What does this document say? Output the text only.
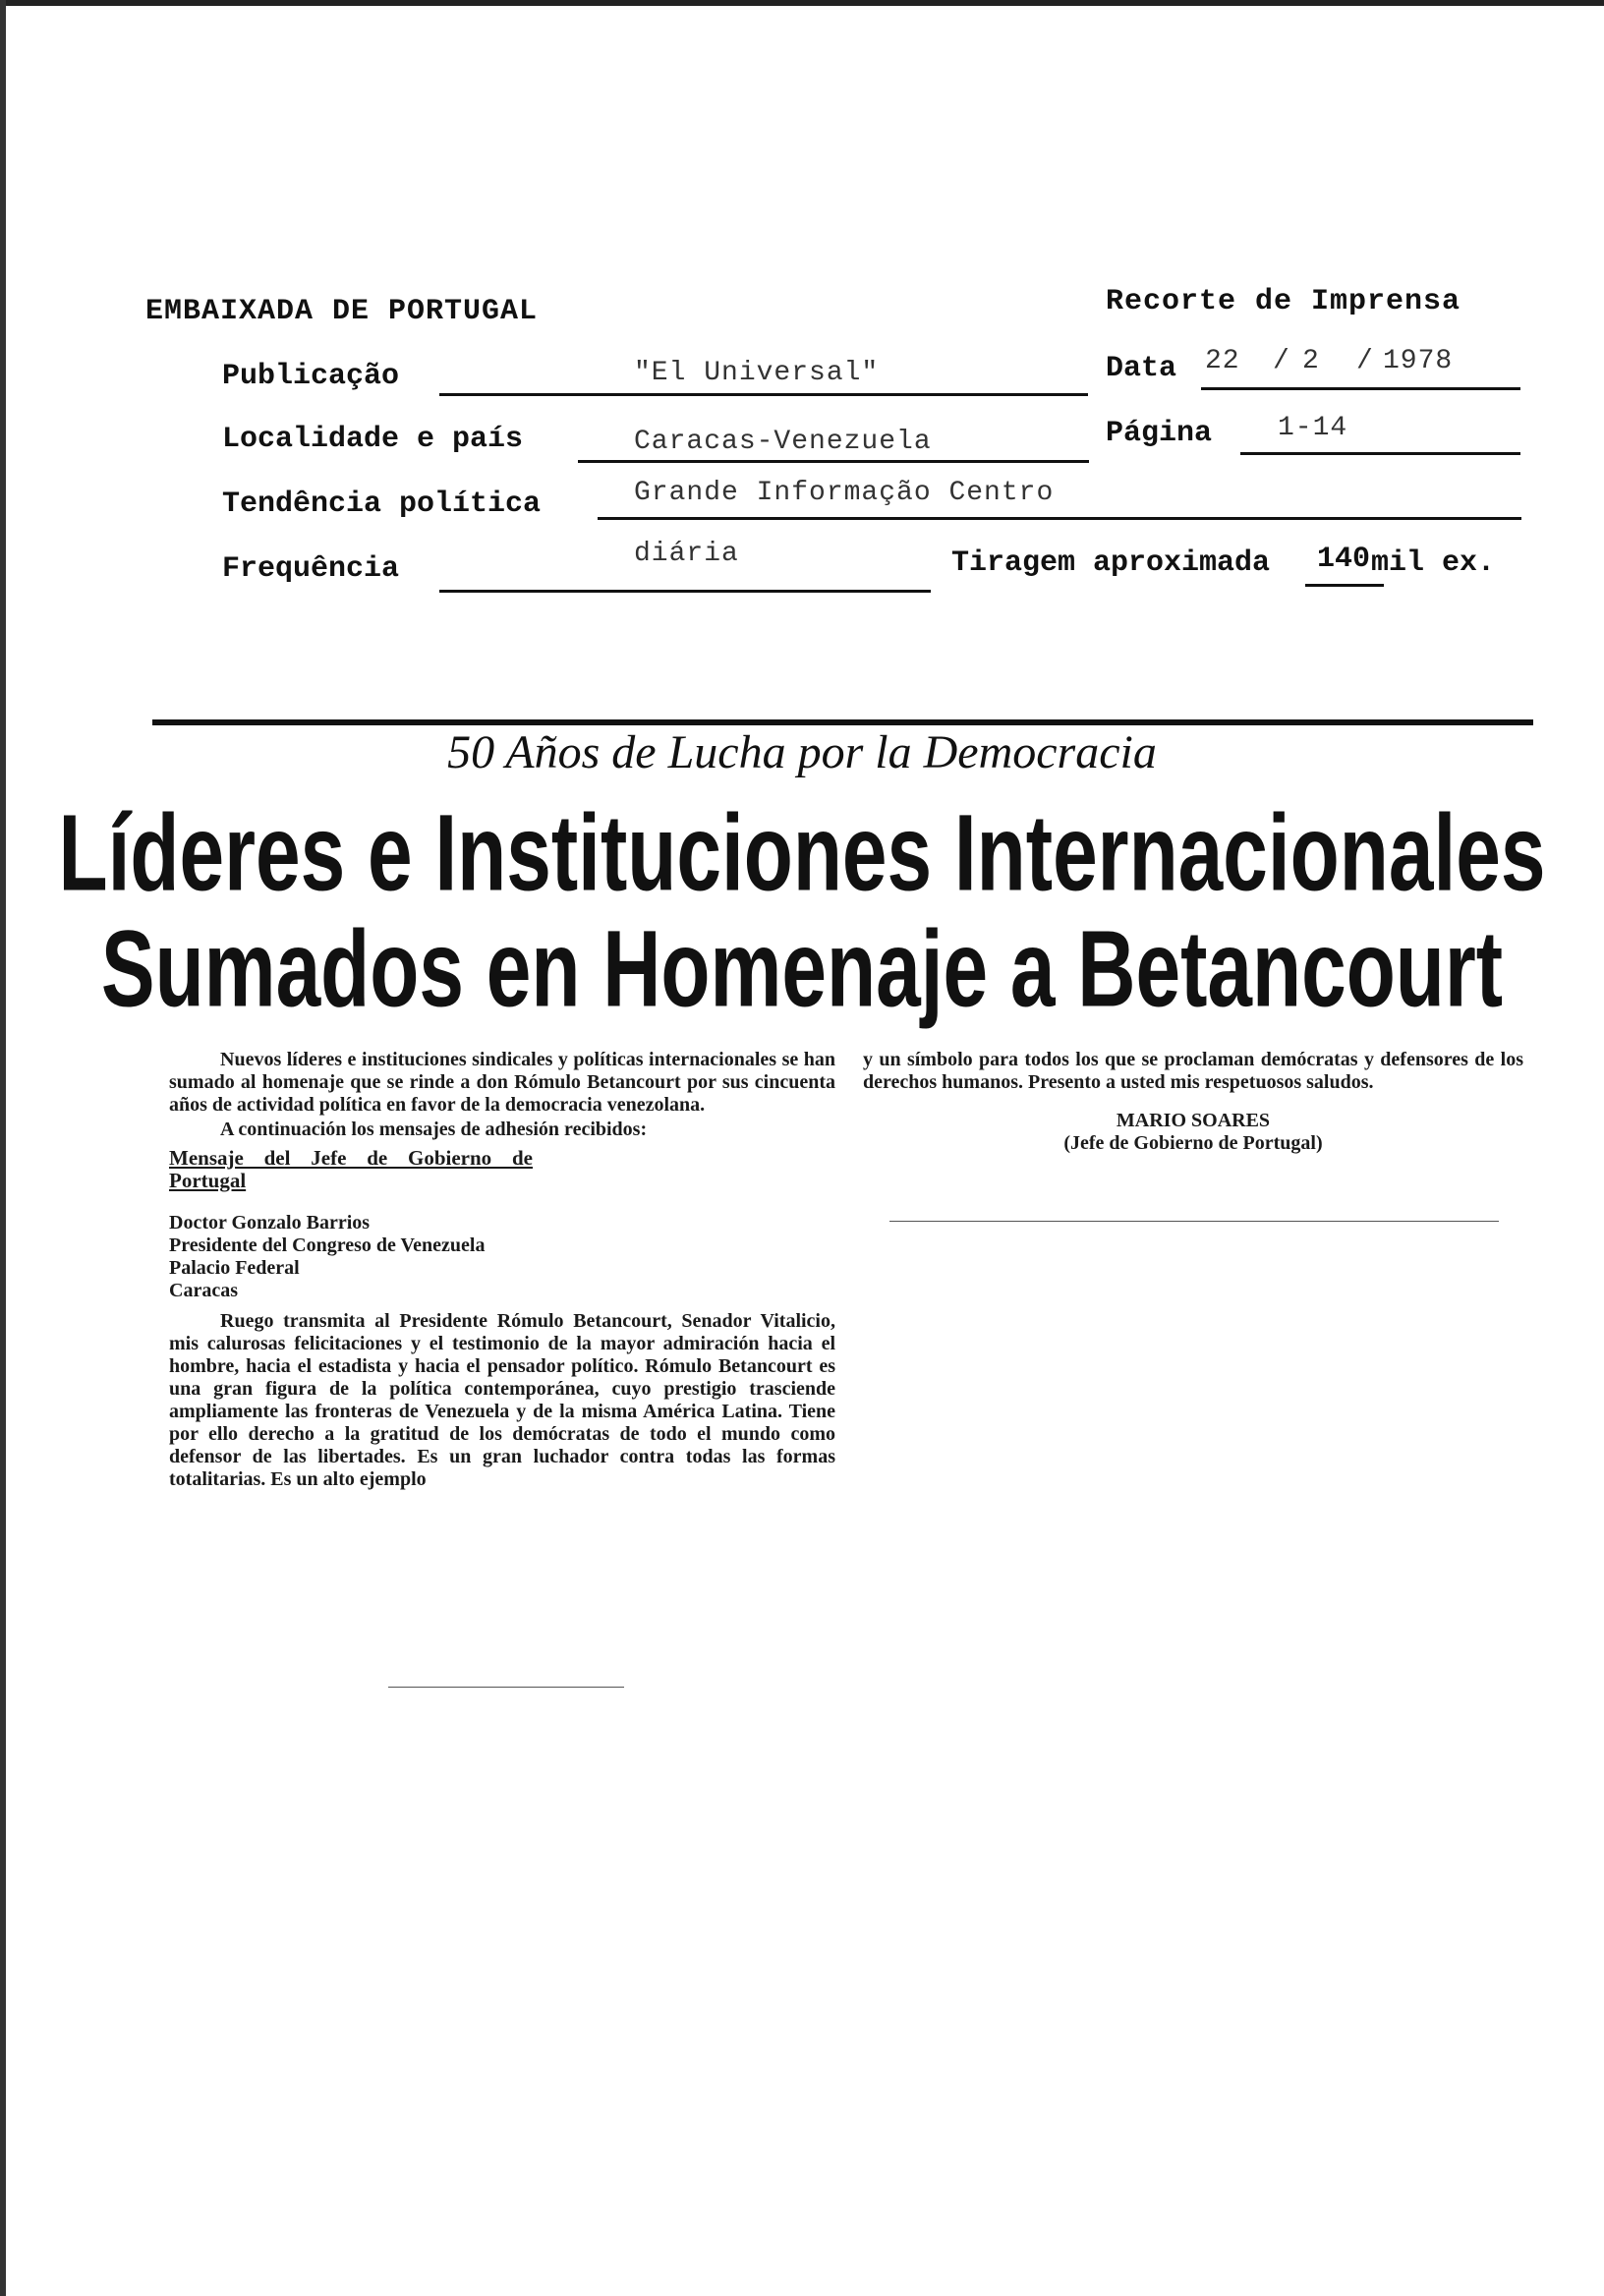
EMBAIXADA DE PORTUGAL	Recorte de Imprensa
Publicação	"El Universal"	Data 22 / 2 / 1978
Localidade e país	Caracas-Venezuela	Página 1-14
Tendência política	Grande Informação Centro
Frequência	diária	Tiragem aproximada 140 mil ex.
50 Años de Lucha por la Democracia
Líderes e Instituciones Internacionales
Sumados en Homenaje a Betancourt

Nuevos líderes e instituciones sindicales y políticas internacionales se han sumado al homenaje que se rinde a don Rómulo Betancourt por sus cincuenta años de actividad política en favor de la democracia venezolana.

A continuación los mensajes de adhesión recibidos:

Mensaje del Jefe de Gobierno de Portugal

Doctor Gonzalo Barrios

Presidente del Congreso de Venezuela

Palacio Federal

Caracas

Ruego transmita al Presidente Rómulo Betancourt, Senador Vitalicio, mis calurosas felicitaciones y el testimonio de la mayor admiración hacia el hombre, hacia el estadista y hacia el pensador político. Rómulo Betancourt es una gran figura de la política contemporánea, cuyo prestigio trasciende ampliamente las fronteras de Venezuela y de la misma América Latina. Tiene por ello derecho a la gratitud de los demócratas de todo el mundo como defensor de las libertades. Es un gran luchador contra todas las formas totalitarias. Es un alto ejemplo

y un símbolo para todos los que se proclaman demócratas y defensores de los derechos humanos. Presento a usted mis respetuosos saludos.

MARIO SOARES

(Jefe de Gobierno de Portugal)
